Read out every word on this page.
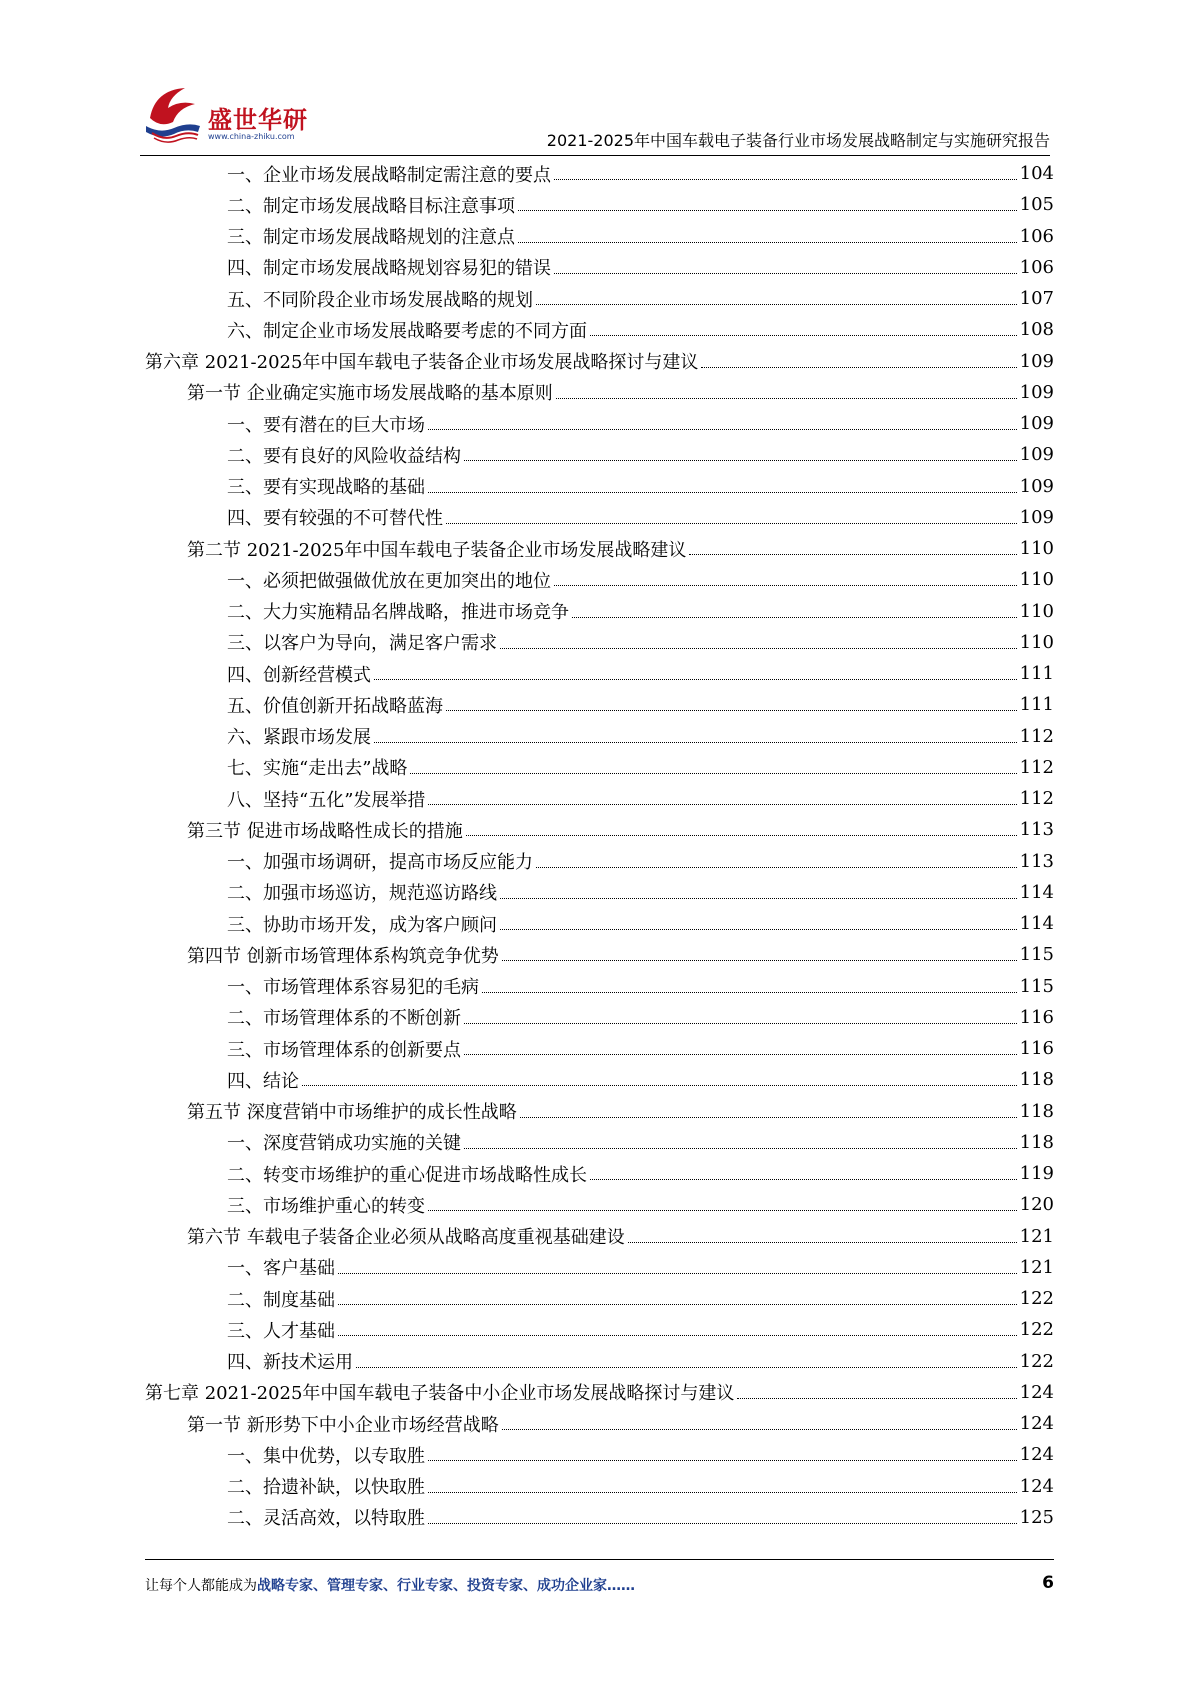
盛世华研
www.china-zhiku.com	2021-2025年中国车载电子装备行业市场发展战略制定与实施研究报告
一、企业市场发展战略制定需注意的要点	104
二、制定市场发展战略目标注意事项	105
三、制定市场发展战略规划的注意点	106
四、制定市场发展战略规划容易犯的错误	106
五、不同阶段企业市场发展战略的规划	107
六、制定企业市场发展战略要考虑的不同方面	108
第六章 2021-2025年中国车载电子装备企业市场发展战略探讨与建议	109
第一节 企业确定实施市场发展战略的基本原则	109
一、要有潜在的巨大市场	109
二、要有良好的风险收益结构	109
三、要有实现战略的基础	109
四、要有较强的不可替代性	109
第二节 2021-2025年中国车载电子装备企业市场发展战略建议	110
一、必须把做强做优放在更加突出的地位	110
二、大力实施精品名牌战略，推进市场竞争	110
三、以客户为导向，满足客户需求	110
四、创新经营模式	111
五、价值创新开拓战略蓝海	111
六、紧跟市场发展	112
七、实施“走出去”战略	112
八、坚持“五化”发展举措	112
第三节 促进市场战略性成长的措施	113
一、加强市场调研，提高市场反应能力	113
二、加强市场巡访，规范巡访路线	114
三、协助市场开发，成为客户顾问	114
第四节 创新市场管理体系构筑竞争优势	115
一、市场管理体系容易犯的毛病	115
二、市场管理体系的不断创新	116
三、市场管理体系的创新要点	116
四、结论	118
第五节 深度营销中市场维护的成长性战略	118
一、深度营销成功实施的关键	118
二、转变市场维护的重心促进市场战略性成长	119
三、市场维护重心的转变	120
第六节 车载电子装备企业必须从战略高度重视基础建设	121
一、客户基础	121
二、制度基础	122
三、人才基础	122
四、新技术运用	122
第七章 2021-2025年中国车载电子装备中小企业市场发展战略探讨与建议	124
第一节 新形势下中小企业市场经营战略	124
一、集中优势，以专取胜	124
二、拾遗补缺，以快取胜	124
二、灵活高效，以特取胜	125
让每个人都能成为战略专家、管理专家、行业专家、投资专家、成功企业家……	6
